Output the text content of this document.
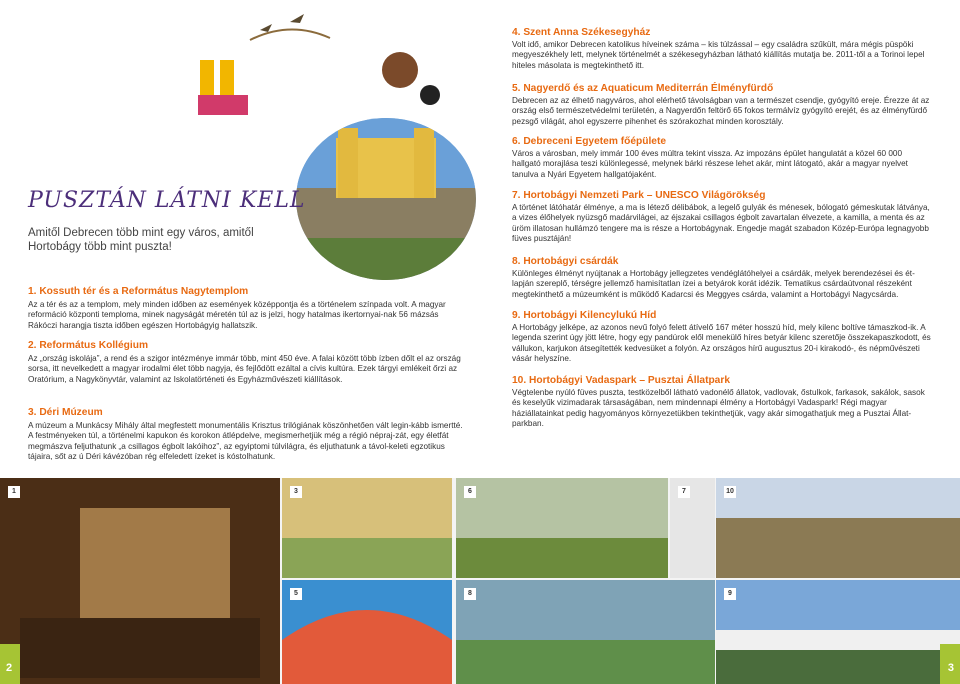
PUSZTÁN LÁTNI KELL
Amitől Debrecen több mint egy város, amitől Hortobágy több mint puszta!
1. Kossuth tér és a Református Nagytemplom

Az a tér és az a templom, mely minden időben az események középpontja és a történelem színpada volt. A magyar reformáció központi temploma, minek nagyságát méretén túl az is jelzi, hogy hatalmas ikertornyai-nak 56 mázsás Rákóczi harangja tiszta időben egészen Hortobágyig hallatszik.

2. Református Kollégium

Az „ország iskolája”, a rend és a szigor intézménye immár több, mint 450 éve. A falai között több ízben dőlt el az ország sorsa, itt nevelkedett a magyar irodalmi élet több nagyja, és fejlődött ezáltal a cívis kultúra. Ezek tárgyi emlékeit őrzi az Oratórium, a Nagykönyvtár, valamint az Iskolatörténeti és Egyházművészeti kiállítások.

3. Déri Múzeum

A múzeum a Munkácsy Mihály által megfestett monumentális Krisztus trilógiának köszönhetően vált legin-kább ismertté. A festményeken túl, a történelmi kapukon és korokon átlépdelve, megismerhetjük még a régió népraj-zát, egy életfát megmászva feljuthatunk „a csillagos égbolt lakóihoz”, az egyiptomi túlvilágra, és eljuthatunk a távol-keleti egzotikus tájaira, sőt az ú Déri kávézóban rég elfeledett ízeket is kóstolhatunk.

4. Szent Anna Székesegyház

Volt idő, amikor Debrecen katolikus híveinek száma – kis túlzással – egy családra szűkült, mára mégis püspöki megyeszékhely lett, melynek történelmét a székesegyházban látható kiállítás mutatja be. 2011-től a a Torinoi lepel hiteles másolata is megtekinthető itt.

5. Nagyerdő és az Aquaticum Mediterrán Élményfürdő

Debrecen az az élhető nagyváros, ahol elérhető távolságban van a természet csendje, gyógyító ereje. Érezze át az ország első természetvédelmi területén, a Nagyerdőn feltörő 65 fokos termálvíz gyógyító erejét, és az élményfürdő pezsgő világát, ahol egyszerre pihenhet és szórakozhat minden korosztály.

6. Debreceni Egyetem főépülete

Város a városban, mely immár 100 éves múltra tekint vissza. Az impozáns épület hangulatát a közel 60 000 hallgató morajlása teszi különlegessé, melynek bárki részese lehet akár, mint látogató, akár a magyar nyelvet tanulva a Nyári Egyetem hallgatójaként.

7. Hortobágyi Nemzeti Park – UNESCO Világörökség

A történet látóhatár élménye, a ma is létező délibábok, a legelő gulyák és ménesek, bólogató gémeskutak látványa, a vizes élőhelyek nyüzsgő madárvilágei, az éjszakai csillagos égbolt zavartalan élvezete, a kamilla, a menta és az üröm illatosan hullámzó tengere ma is része a Hortobágynak. Engedje magát szabadon Közép-Európa legnagyobb füves pusztáján!

8. Hortobágyi csárdák

Különleges élményt nyújtanak a Hortobágy jellegzetes vendéglátóhelyei a csárdák, melyek berendezései és ét-lapján szereplő, térségre jellemző hamisítatlan ízei a betyárok korát idézik. Tematikus csárdaútvonal részeként megtekinthető a múzeumként is működő Kadarcsi és Meggyes csárda, valamint a Hortobágyi Nagycsárda.

9. Hortobágyi Kilencylukú Híd

A Hortobágy jelképe, az azonos nevű folyó felett átívelő 167 méter hosszú híd, mely kilenc boltíve támaszkod-ik. A legenda szerint úgy jött létre, hogy egy pandúrok elől menekülő híres betyár kilenc szeretője összekapaszkodott, és vállukon, karjukon átsegítették kedvesüket a folyón. Az országos hírű augusztus 20-i kirakodó-, és népművészeti vásár helyszíne.

10. Hortobágyi Vadaspark – Pusztai Állatpark

Végtelenbe nyúló füves puszta, testközelből látható vadonélő állatok, vadlovak, őstulkok, farkasok, sakálok, sasok és keselyűk vizimadarak társaságában, nem mindennapi élmény a Hortobágyi Vadaspark! Régi magyar háziállatainkat pedig hagyományos környezetükben tekinthetjük, vagy akár simogathatjuk meg a Pusztai Állat-parkban.

1	3	6	7	10
5	8	9
2	3
